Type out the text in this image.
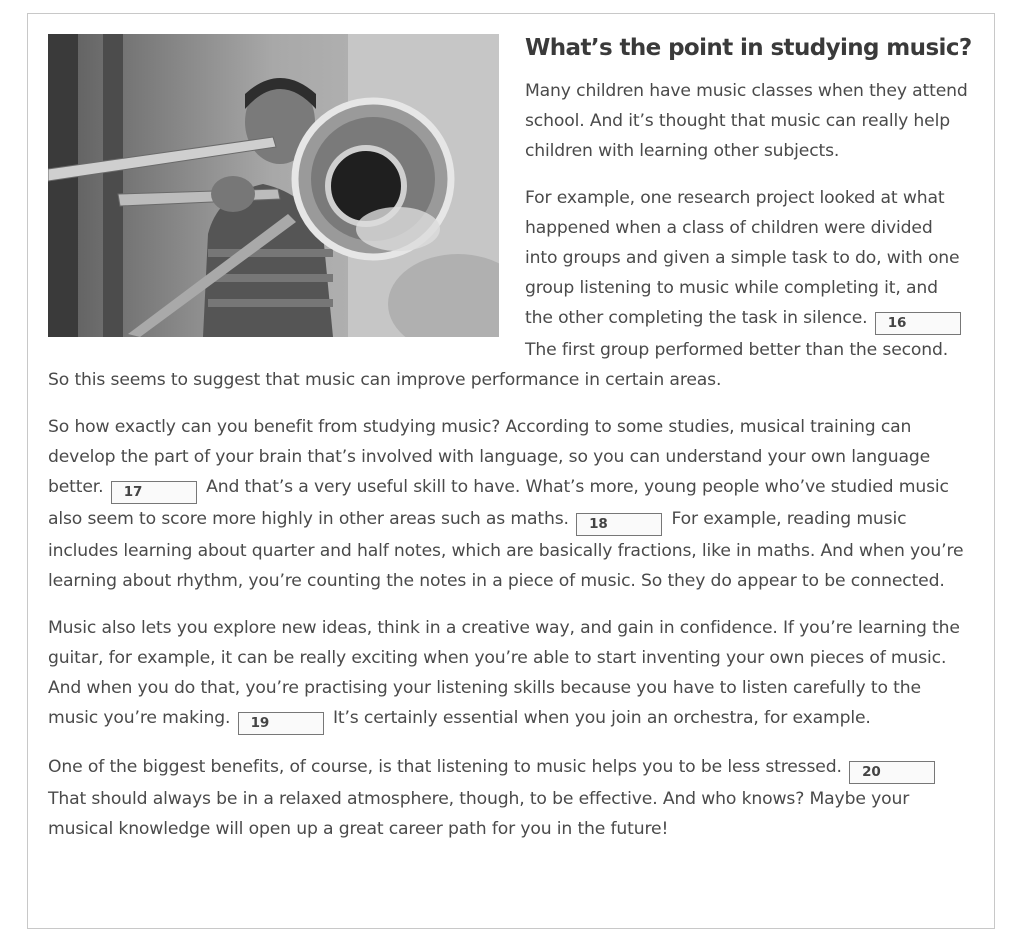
What’s the point in studying music?

Many children have music classes when they attend school. And it’s thought that music can really help children with learning other subjects.

For example, one research project looked at what happened when a class of children were divided into groups and given a simple task to do, with one group listening to music while completing it, and the other completing the task in silence. 16 The first group performed better than the second. So this seems to suggest that music can improve performance in certain areas.

So how exactly can you benefit from studying music? According to some studies, musical training can develop the part of your brain that’s involved with language, so you can understand your own language better. 17	And that’s a very useful skill to have. What’s more, young people who’ve studied music also seem to score more highly in other areas such as maths. 18	For example, reading music includes learning about quarter and half notes, which are basically fractions, like in maths. And when you’re learning about rhythm, you’re counting the notes in a piece of music. So they do appear to be connected.

Music also lets you explore new ideas, think in a creative way, and gain in confidence. If you’re learning the guitar, for example, it can be really exciting when you’re able to start inventing your own pieces of music. And when you do that, you’re practising your listening skills because you have to listen carefully to the music you’re making. 19	It’s certainly essential when you join an orchestra, for example.

One of the biggest benefits, of course, is that listening to music helps you to be less stressed. 20 That should always be in a relaxed atmosphere, though, to be effective. And who knows? Maybe your musical knowledge will open up a great career path for you in the future!
